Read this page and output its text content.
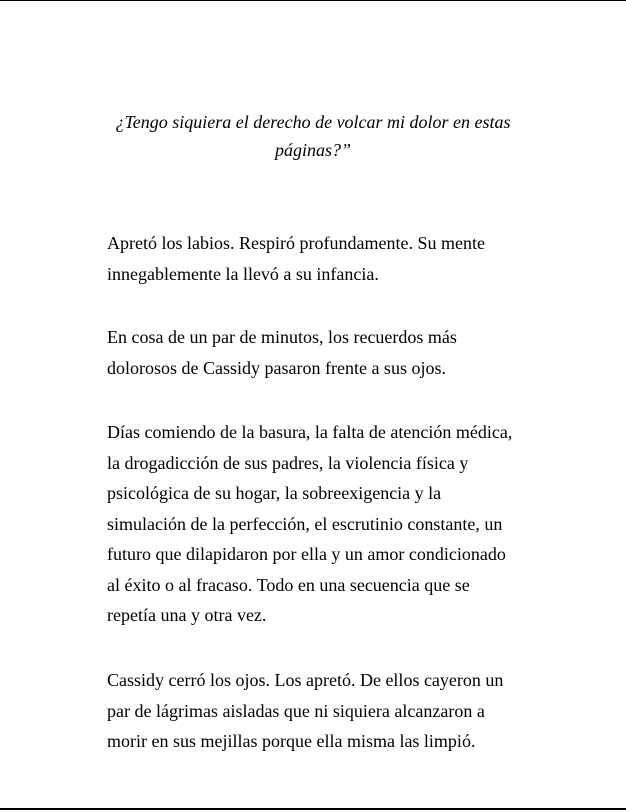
¿Tengo siquiera el derecho de volcar mi dolor en estas
páginas?”

Apretó los labios. Respiró profundamente. Su mente
innegablemente la llevó a su infancia.

En cosa de un par de minutos, los recuerdos más
dolorosos de Cassidy pasaron frente a sus ojos.

Días comiendo de la basura, la falta de atención médica,
la drogadicción de sus padres, la violencia física y
psicológica de su hogar, la sobreexigencia y la
simulación de la perfección, el escrutinio constante, un
futuro que dilapidaron por ella y un amor condicionado
al éxito o al fracaso. Todo en una secuencia que se
repetía una y otra vez.

Cassidy cerró los ojos. Los apretó. De ellos cayeron un
par de lágrimas aisladas que ni siquiera alcanzaron a
morir en sus mejillas porque ella misma las limpió.
